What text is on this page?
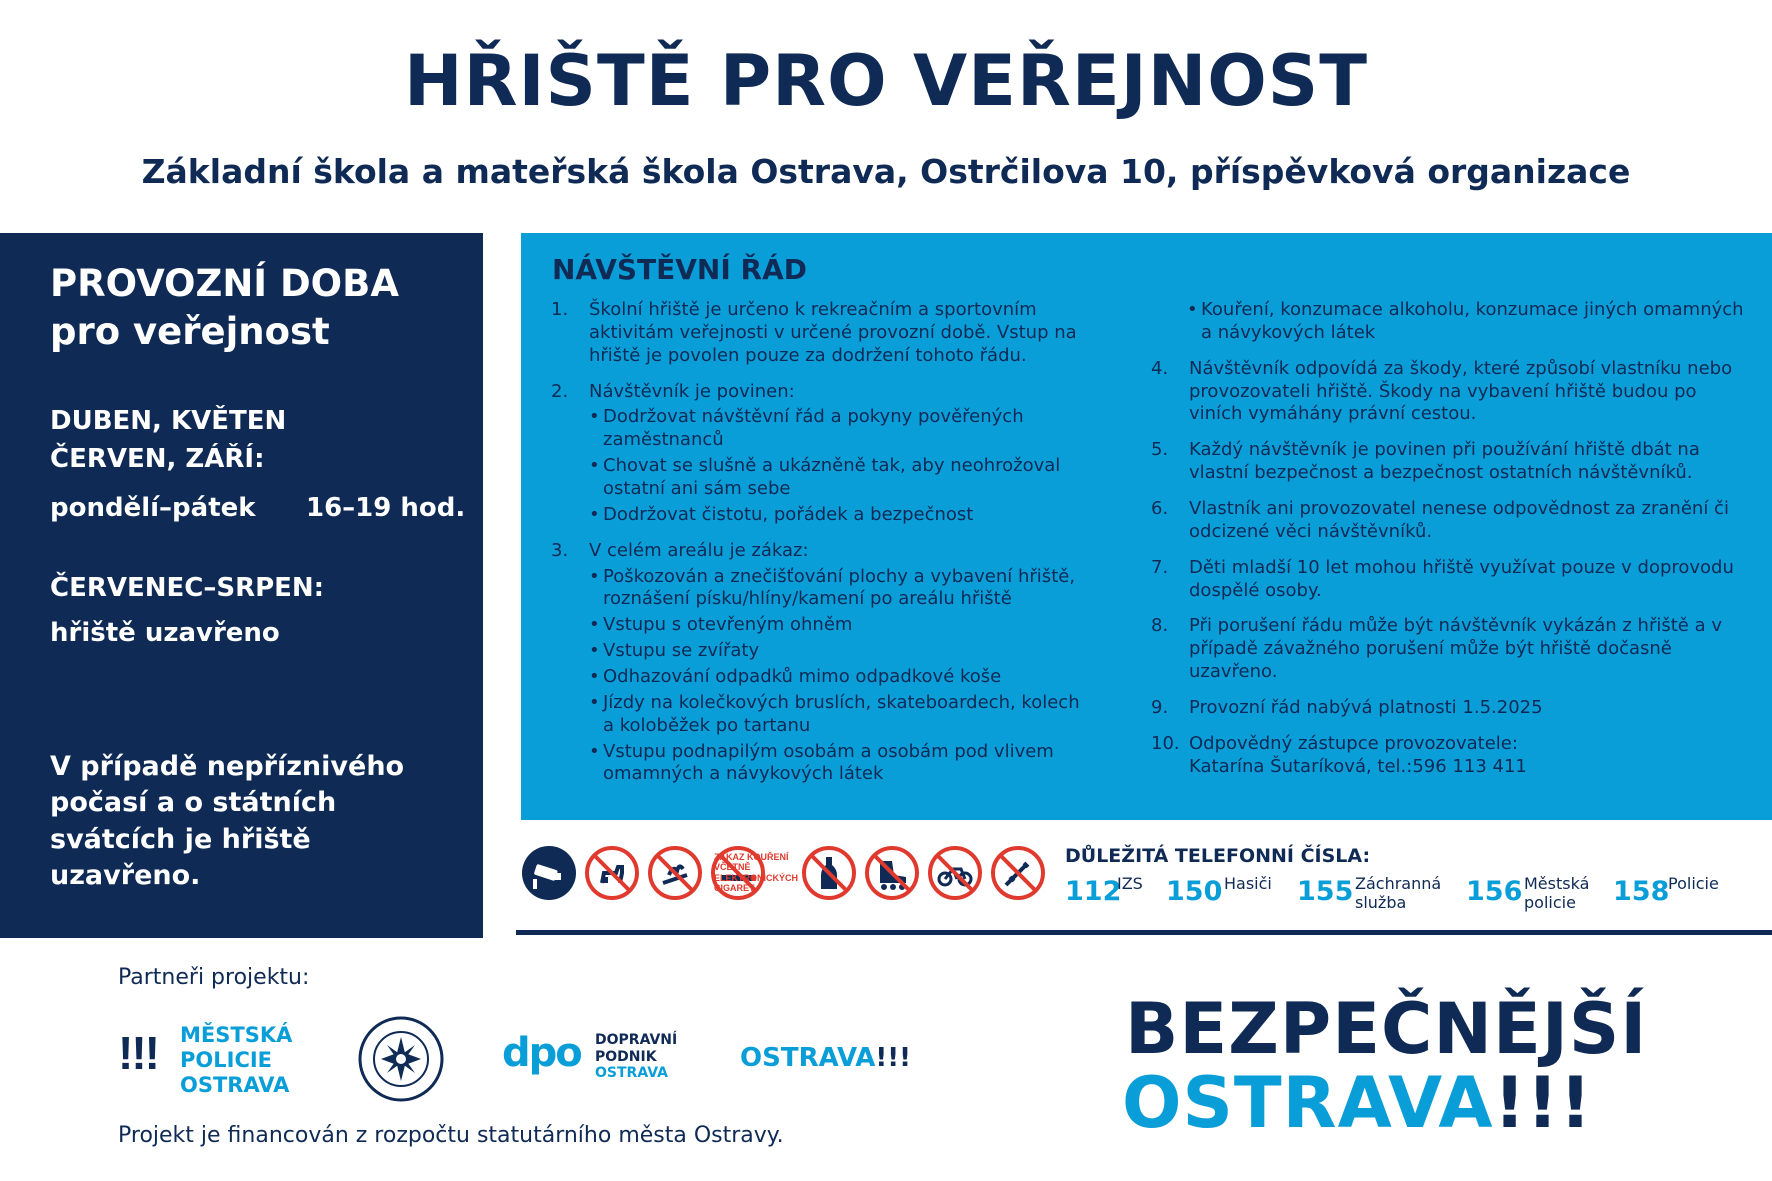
HŘIŠTĚ PRO VEŘEJNOST
Základní škola a mateřská škola Ostrava, Ostrčilova 10, příspěvková organizace
PROVOZNÍ DOBA
pro veřejnost
DUBEN, KVĚTEN
ČERVEN, ZÁŘÍ:
pondělí–pátek 16–19 hod.
ČERVENEC–SRPEN:
hřiště uzavřeno
V případě nepříznivého počasí a o státních svátcích je hřiště uzavřeno.
NÁVŠTĚVNÍ ŘÁD
1. Školní hřiště je určeno k rekreačním a sportovním aktivitám veřejnosti v určené provozní době. Vstup na hřiště je povolen pouze za dodržení tohoto řádu.
2. Návštěvník je povinen:
• Dodržovat návštěvní řád a pokyny pověřených zaměstnanců
• Chovat se slušně a ukázněně tak, aby neohrožoval ostatní ani sám sebe
• Dodržovat čistotu, pořádek a bezpečnost
3. V celém areálu je zákaz:
• Poškozován a znečišťování plochy a vybavení hřiště, roznášení písku/hlíny/kamení po areálu hřiště
• Vstupu s otevřeným ohněm
• Vstupu se zvířaty
• Odhazování odpadků mimo odpadkové koše
• Jízdy na kolečkových bruslích, skateboardech, kolech a koloběžek po tartanu
• Vstupu podnapilým osobám a osobám pod vlivem omamných a návykových látek
• Kouření, konzumace alkoholu, konzumace jiných omamných a návykových látek
4. Návštěvník odpovídá za škody, které způsobí vlastníku nebo provozovateli hřiště. Škody na vybavení hřiště budou po viních vymáhány právní cestou.
5. Každý návštěvník je povinen při používání hřiště dbát na vlastní bezpečnost a bezpečnost ostatních návštěvníků.
6. Vlastník ani provozovatel nenese odpovědnost za zranění či odcizené věci návštěvníků.
7. Děti mladší 10 let mohou hřiště využívat pouze v doprovodu dospělé osoby.
8. Při porušení řádu může být návštěvník vykázán z hřiště a v případě závažného porušení může být hřiště dočasně uzavřeno.
9. Provozní řád nabývá platnosti 1.5.2025
10. Odpovědný zástupce provozovatele:
Katarína Šutaríková, tel.:596 113 411
ZÁKAZ KOUŘENÍ VČETNĚ ELEKTRONICKÝCH CIGARET
DŮLEŽITÁ TELEFONNÍ ČÍSLA:
112
IZS 150 Hasiči 155 Záchranná
služba	156 Městská
policie	158
Policie
Partneři projektu:
!!! MĚSTSKÁ
POLICIE
OSTRAVA
dpo DOPRAVNÍ
PODNIK
OSTRAVA
OSTRAVA!!!
Projekt je financován z rozpočtu statutárního města Ostravy.
BEZPEČNĚJŠÍ
OSTRAVA!!!
